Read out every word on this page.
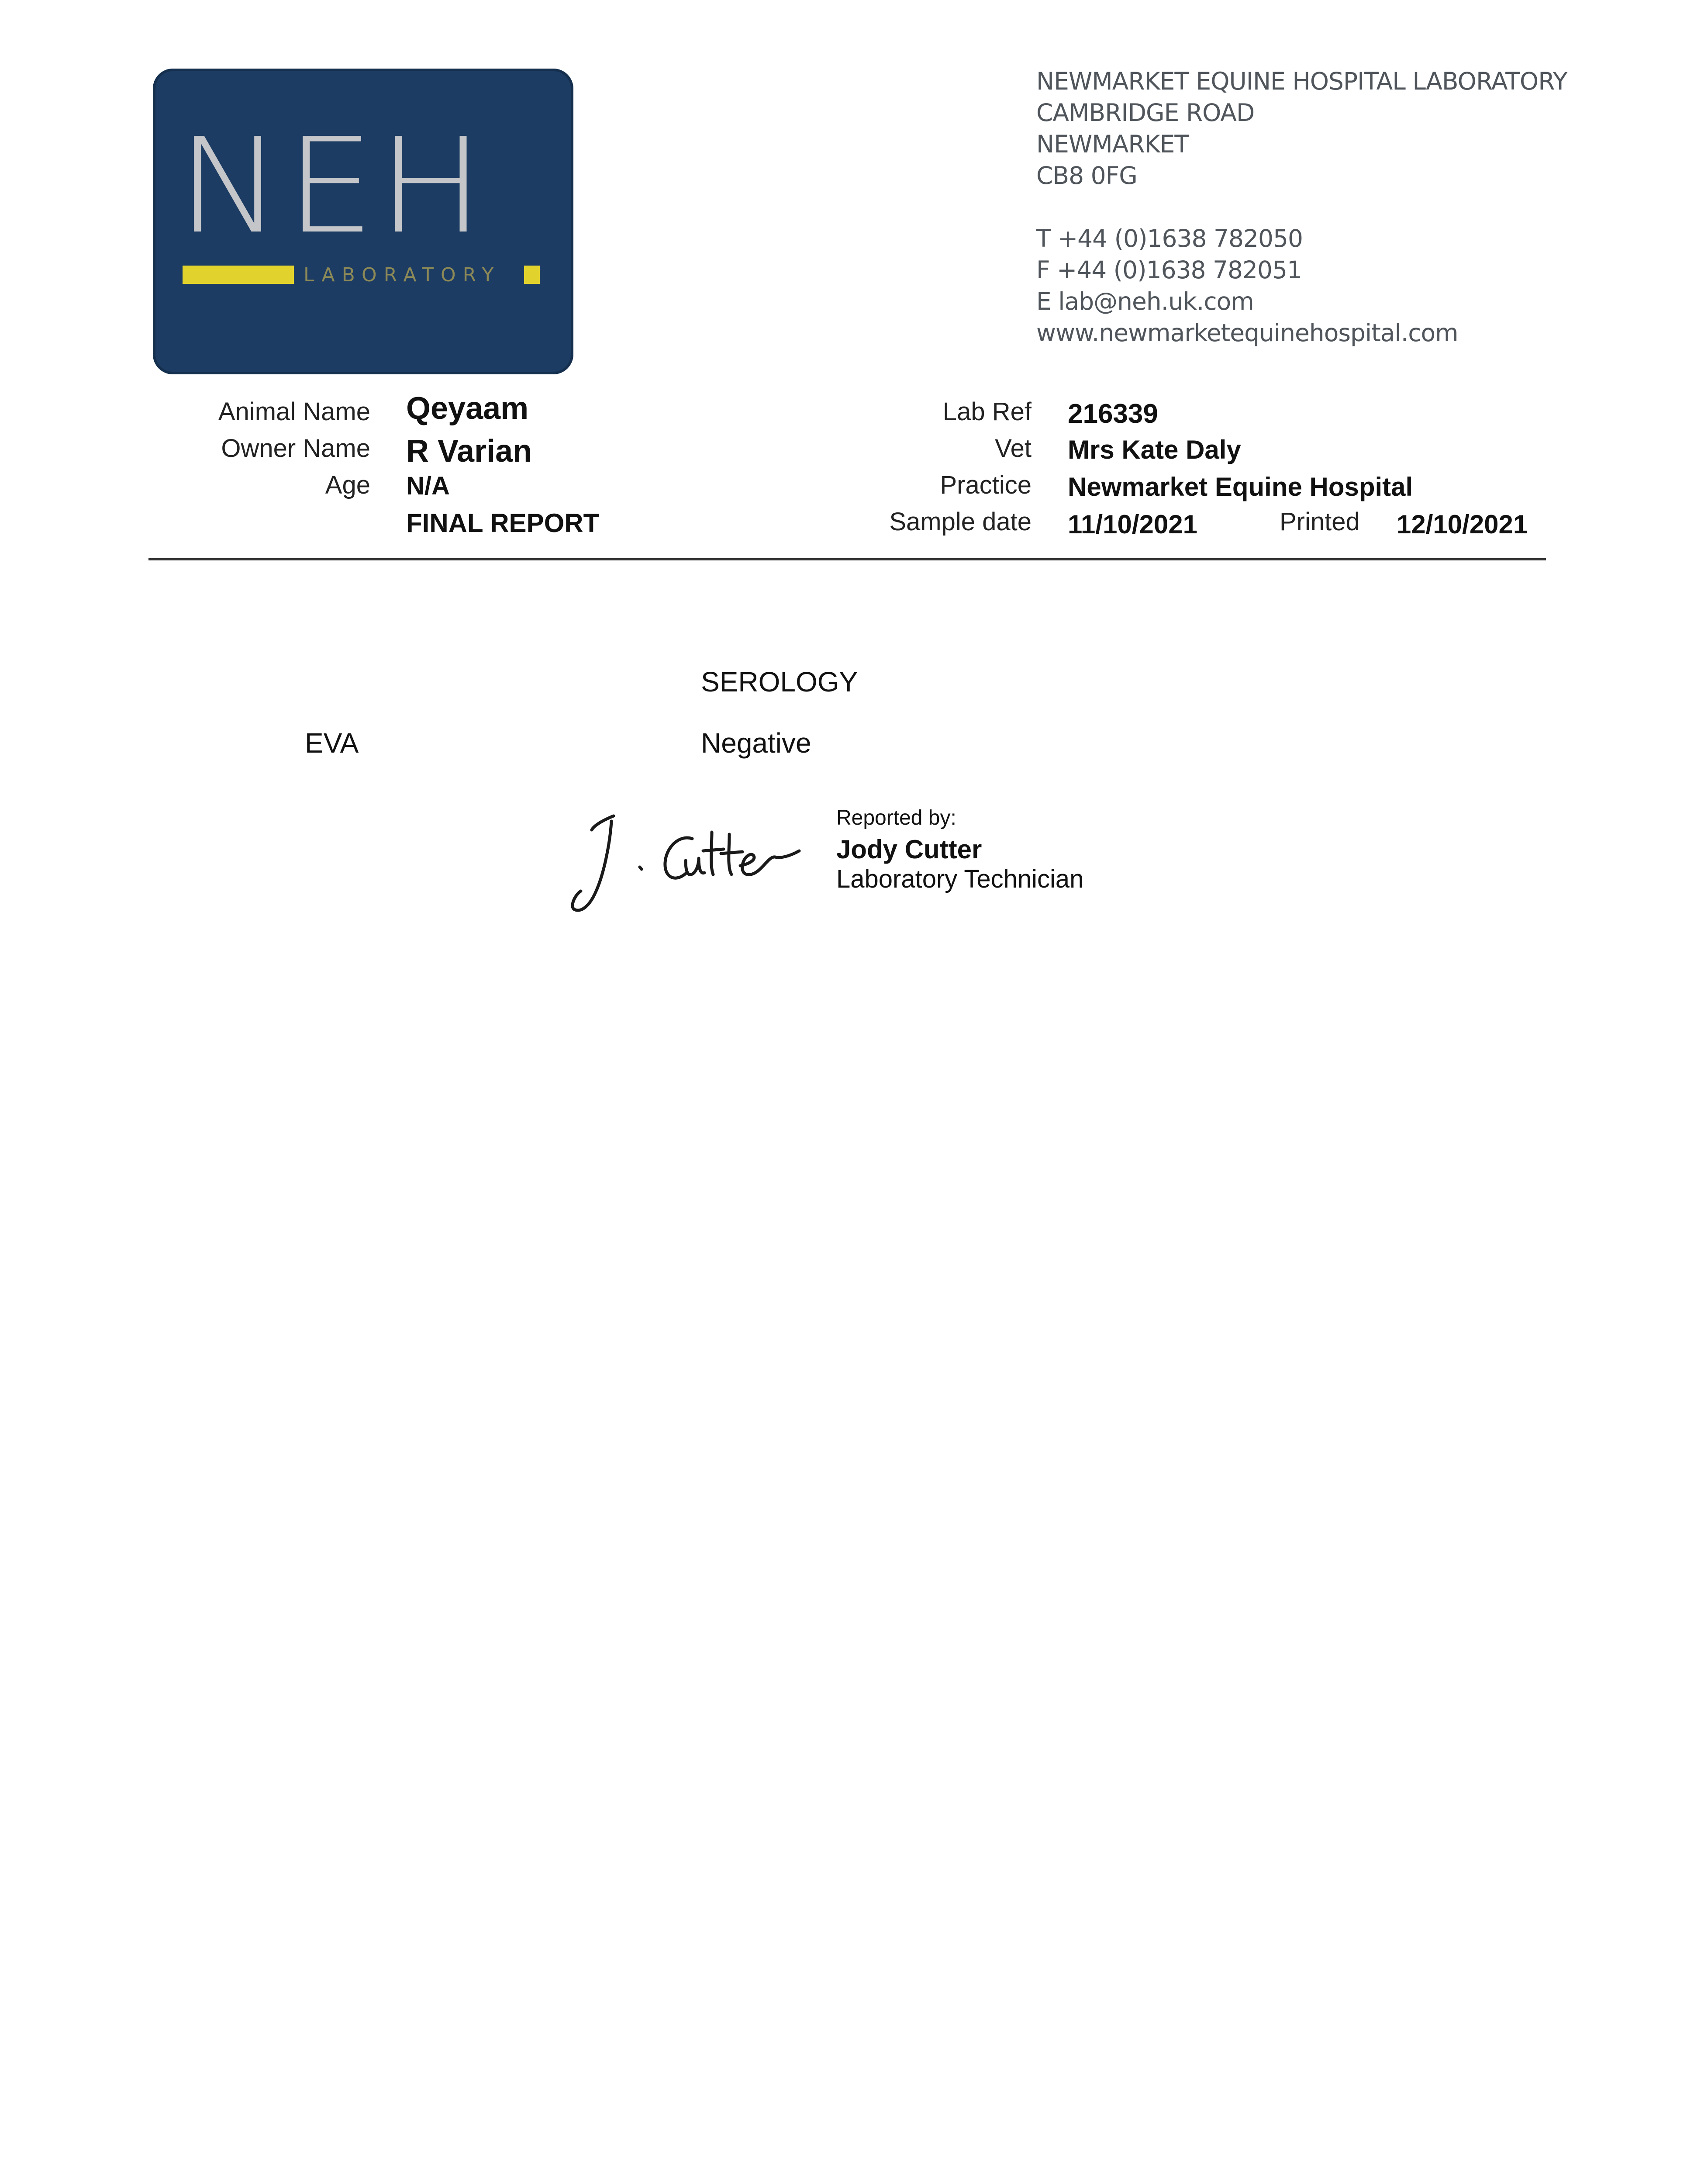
NEH
LABORATORY
NEWMARKET EQUINE HOSPITAL LABORATORY
CAMBRIDGE ROAD
NEWMARKET
CB8 0FG
T +44 (0)1638 782050
F +44 (0)1638 782051
E lab@neh.uk.com
www.newmarketequinehospital.com
Animal Name
Owner Name
Age
Qeyaam
R Varian
N/A
FINAL REPORT
Lab Ref
Vet
Practice
Sample date
216339
Mrs Kate Daly
Newmarket Equine Hospital
11/10/2021	Printed 12/10/2021
SEROLOGY
EVA	Negative
Reported by:
Jody Cutter
Laboratory Technician
